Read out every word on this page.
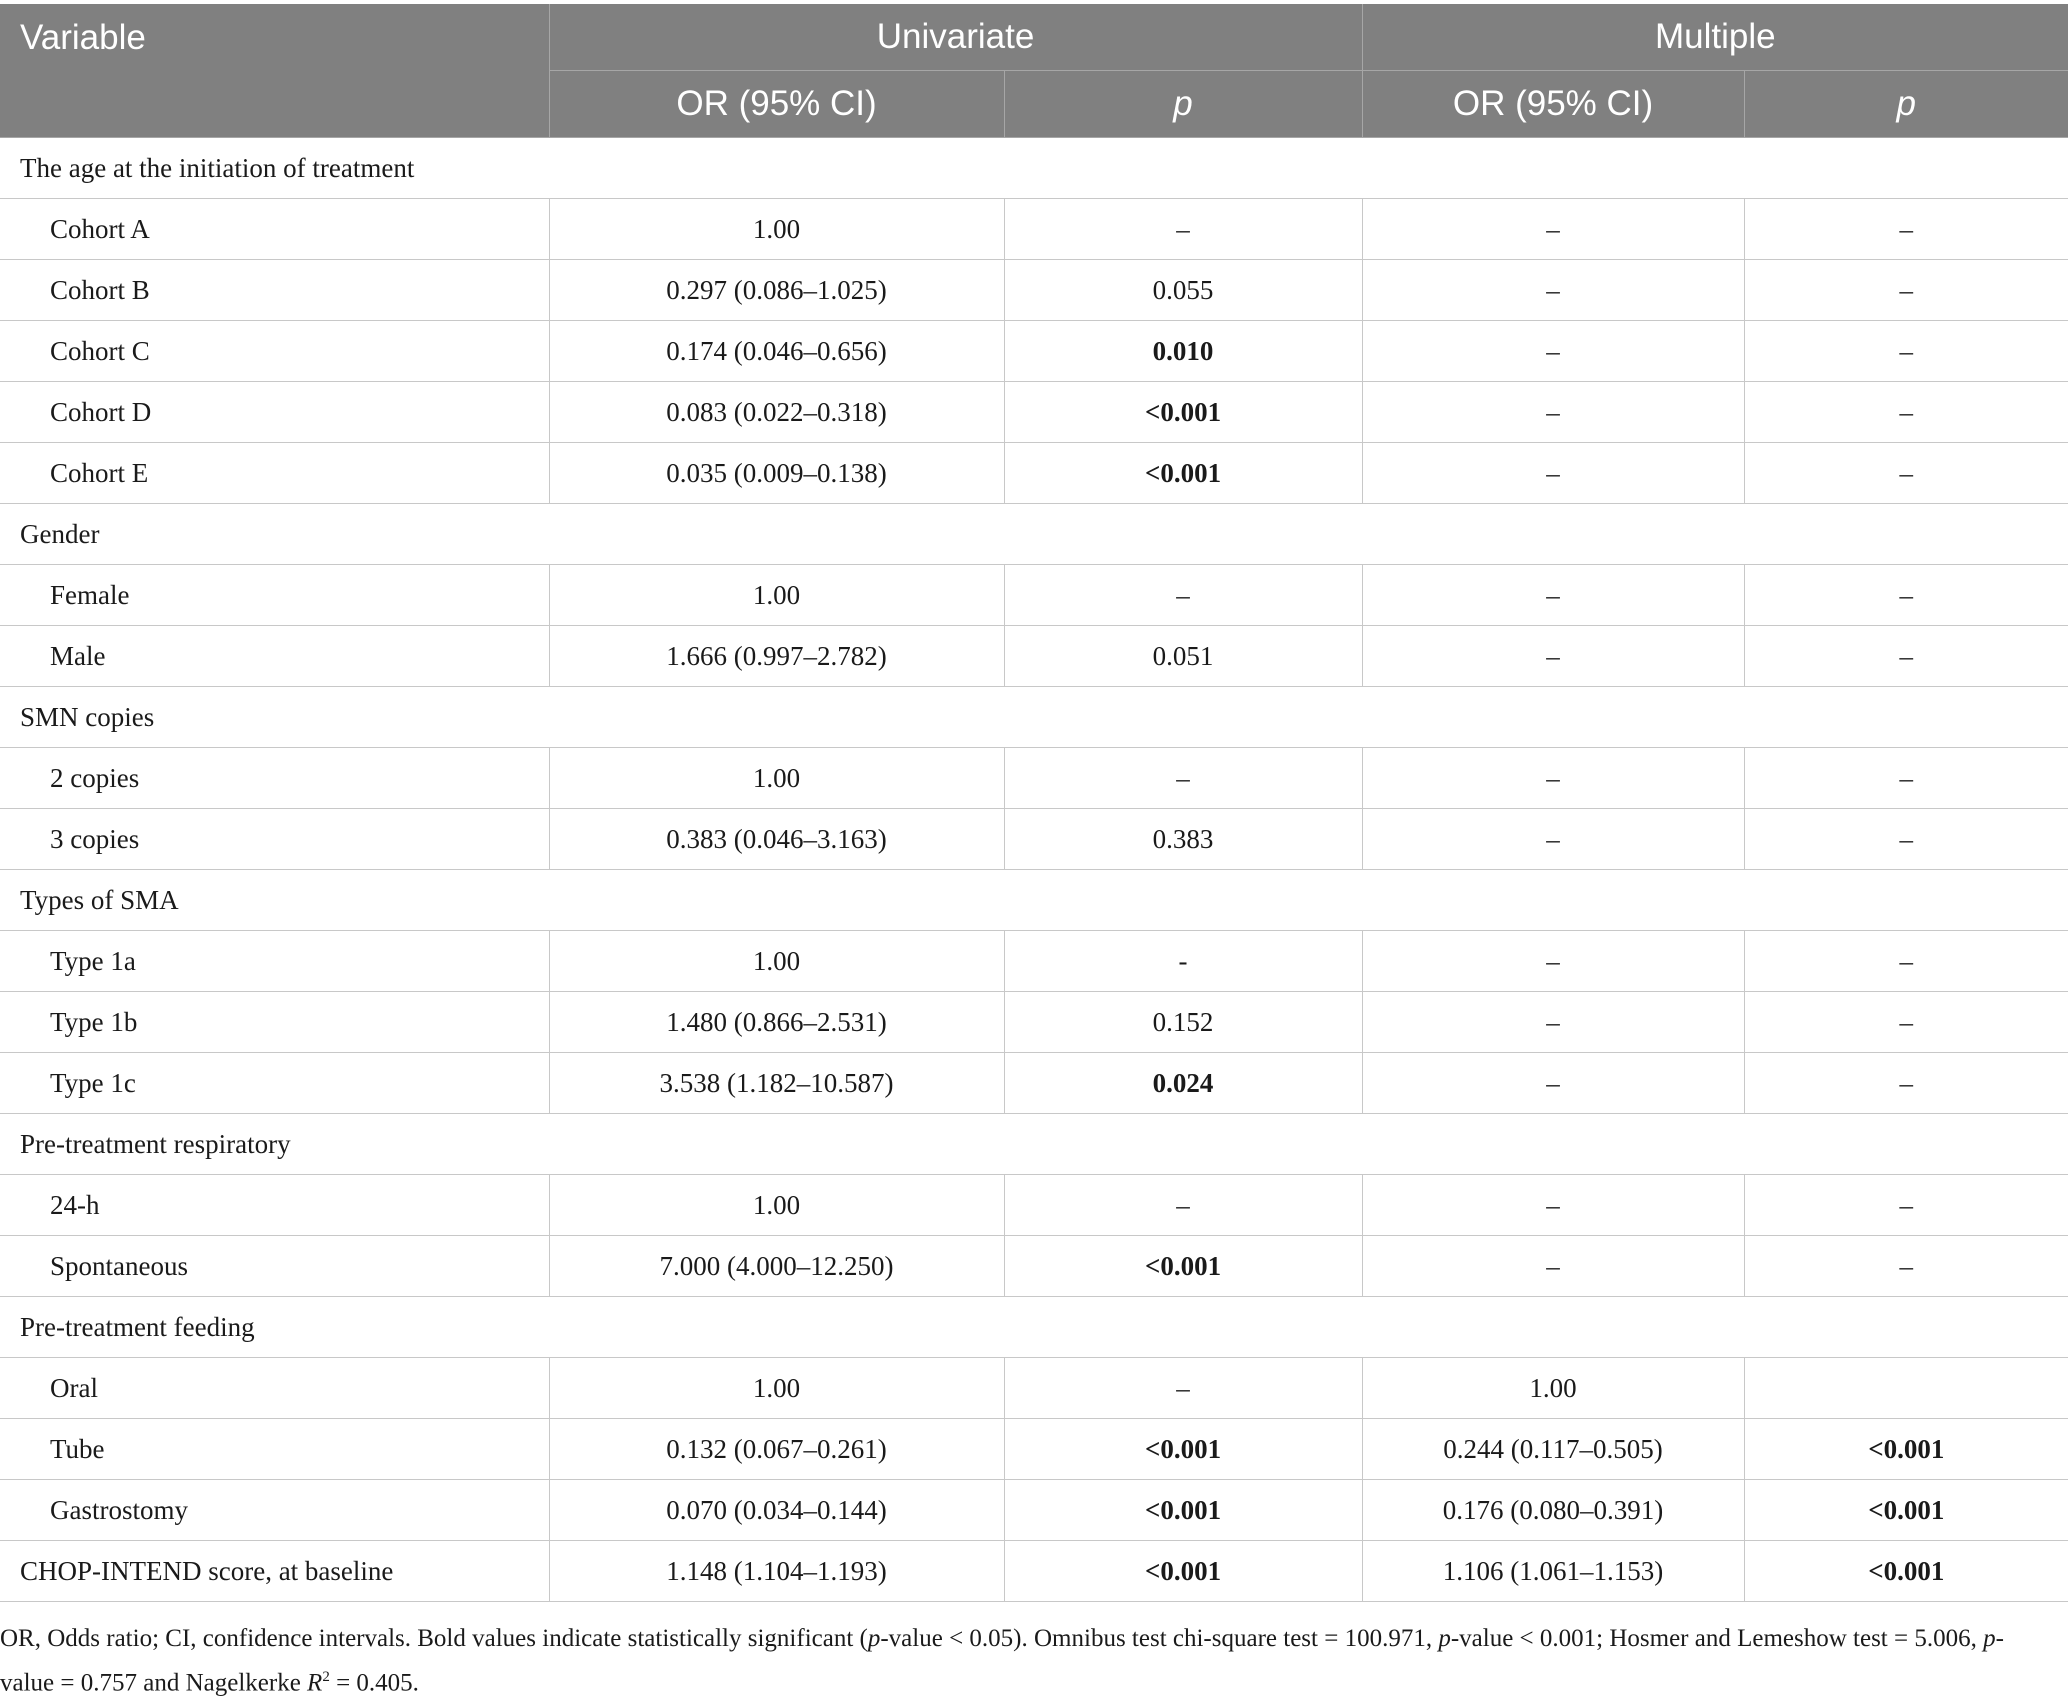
Variable	Univariate		Multiple	
	OR (95% CI)	p	OR (95% CI)	p
The age at the initiation of treatment				
Cohort A	1.00	–	–	–
Cohort B	0.297 (0.086–1.025)	0.055	–	–
Cohort C	0.174 (0.046–0.656)	0.010	–	–
Cohort D	0.083 (0.022–0.318)	<0.001	–	–
Cohort E	0.035 (0.009–0.138)	<0.001	–	–
Gender				
Female	1.00	–	–	–
Male	1.666 (0.997–2.782)	0.051	–	–
SMN copies				
2 copies	1.00	–	–	–
3 copies	0.383 (0.046–3.163)	0.383	–	–
Types of SMA				
Type 1a	1.00	-	–	–
Type 1b	1.480 (0.866–2.531)	0.152	–	–
Type 1c	3.538 (1.182–10.587)	0.024	–	–
Pre-treatment respiratory				
24-h	1.00	–	–	–
Spontaneous	7.000 (4.000–12.250)	<0.001	–	–
Pre-treatment feeding				
Oral	1.00	–	1.00	
Tube	0.132 (0.067–0.261)	<0.001	0.244 (0.117–0.505)	<0.001
Gastrostomy	0.070 (0.034–0.144)	<0.001	0.176 (0.080–0.391)	<0.001
CHOP-INTEND score, at baseline	1.148 (1.104–1.193)	<0.001	1.106 (1.061–1.153)	<0.001
OR, Odds ratio; CI, confidence intervals. Bold values indicate statistically significant (p-value < 0.05). Omnibus test chi-square test = 100.971, p-value < 0.001; Hosmer and Lemeshow test = 5.006, p-value = 0.757 and Nagelkerke $R^2 = 0.405$.
